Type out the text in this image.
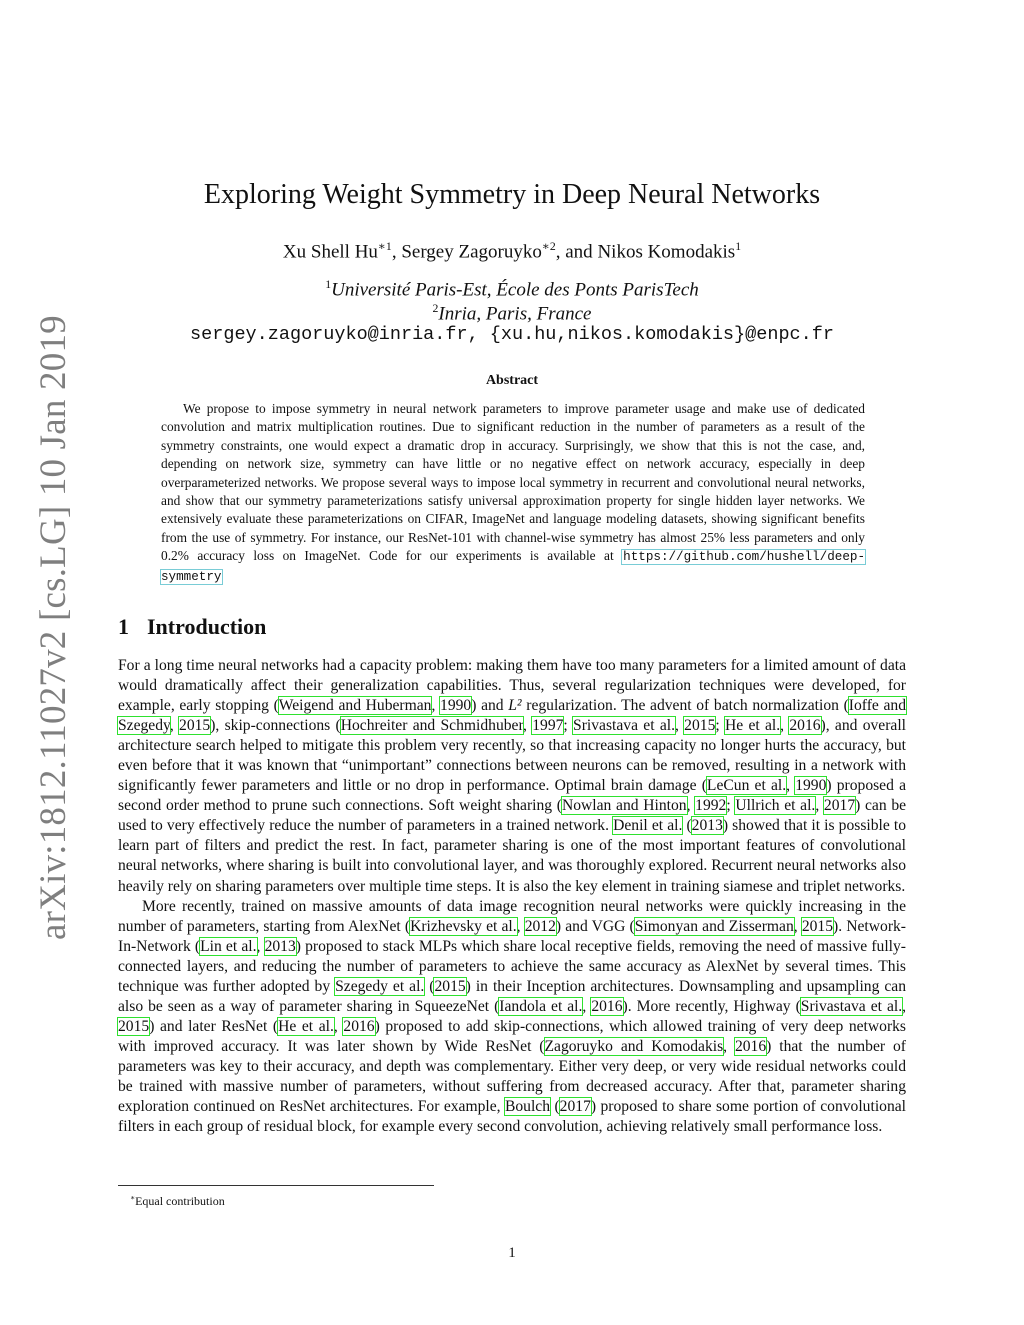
arXiv:1812.11027v2 [cs.LG] 10 Jan 2019
Exploring Weight Symmetry in Deep Neural Networks
Xu Shell $Hu^{∗1}$, Sergey Zagoruyko$^{∗2}$, and Nikos Komodakis$^1$
$^1$Université Paris-Est, École des Ponts ParisTech
$^2$Inria, Paris, France
sergey.zagoruyko@inria.fr, {xu.hu,nikos.komodakis}@enpc.fr
Abstract
We propose to impose symmetry in neural network parameters to improve parameter usage and make use of dedicated convolution and matrix multiplication routines. Due to significant reduction in the number of parameters as a result of the symmetry constraints, one would expect a dramatic drop in accuracy. Surprisingly, we show that this is not the case, and, depending on network size, symmetry can have little or no negative effect on network accuracy, especially in deep overparameterized networks. We propose several ways to impose local symmetry in recurrent and convolutional neural networks, and show that our symmetry parameterizations satisfy universal approximation property for single hidden layer networks. We extensively evaluate these parameterizations on CIFAR, ImageNet and language modeling datasets, showing significant benefits from the use of symmetry. For instance, our ResNet-101 with channel-wise symmetry has almost 25% less parameters and only 0.2% accuracy loss on ImageNet. Code for our experiments is available at https://github.com/hushell/deep-symmetry
1 Introduction

For a long time neural networks had a capacity problem: making them have too many parameters for a limited amount of data would dramatically affect their generalization capabilities. Thus, several regularization techniques were developed, for example, early stopping (Weigend and Huberman, 1990) and L² regularization. The advent of batch normalization (Ioffe and Szegedy, 2015), skip-connections (Hochreiter and Schmidhuber, 1997; Srivastava et al., 2015; He et al., 2016), and overall architecture search helped to mitigate this problem very recently, so that increasing capacity no longer hurts the accuracy, but even before that it was known that “unimportant” connections between neurons can be removed, resulting in a network with significantly fewer parameters and little or no drop in performance. Optimal brain damage (LeCun et al., 1990) proposed a second order method to prune such connections. Soft weight sharing (Nowlan and Hinton, 1992; Ullrich et al., 2017) can be used to very effectively reduce the number of parameters in a trained network. Denil et al. (2013) showed that it is possible to learn part of filters and predict the rest. In fact, parameter sharing is one of the most important features of convolutional neural networks, where sharing is built into convolutional layer, and was thoroughly explored. Recurrent neural networks also heavily rely on sharing parameters over multiple time steps. It is also the key element in training siamese and triplet networks.

More recently, trained on massive amounts of data image recognition neural networks were quickly increasing in the number of parameters, starting from AlexNet (Krizhevsky et al., 2012) and VGG (Simonyan and Zisserman, 2015). Network-In-Network (Lin et al., 2013) proposed to stack MLPs which share local receptive fields, removing the need of massive fully-connected layers, and reducing the number of parameters to achieve the same accuracy as AlexNet by several times. This technique was further adopted by Szegedy et al. (2015) in their Inception architectures. Downsampling and upsampling can also be seen as a way of parameter sharing in SqueezeNet (Iandola et al., 2016). More recently, Highway (Srivastava et al., 2015) and later ResNet (He et al., 2016) proposed to add skip-connections, which allowed training of very deep networks with improved accuracy. It was later shown by Wide ResNet (Zagoruyko and Komodakis, 2016) that the number of parameters was key to their accuracy, and depth was complementary. Either very deep, or very wide residual networks could be trained with massive number of parameters, without suffering from decreased accuracy. After that, parameter sharing exploration continued on ResNet architectures. For example, Boulch (2017) proposed to share some portion of convolutional filters in each group of residual block, for example every second convolution, achieving relatively small performance loss.

∗Equal contribution
1
